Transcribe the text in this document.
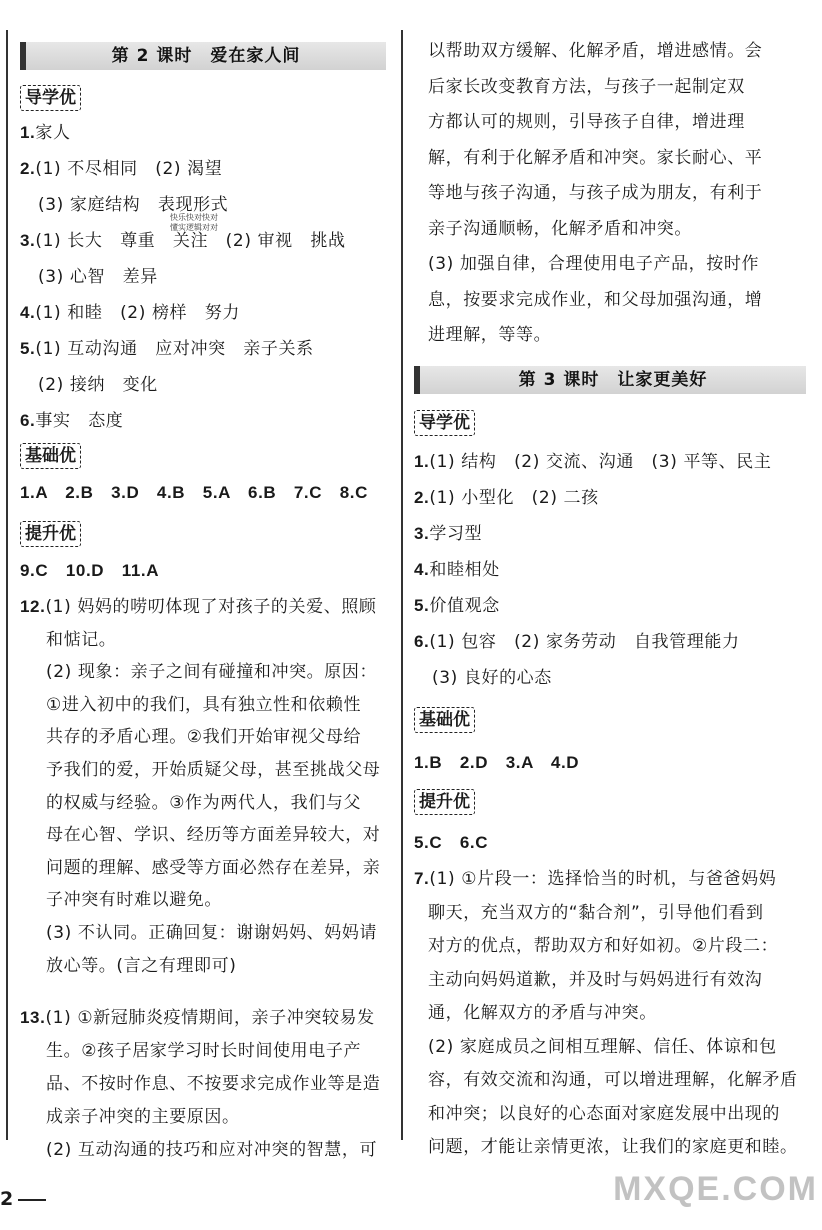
第 2 课时　爱在家人间
导学优
1.家人
2.(1) 不尽相同　(2) 渴望
(3) 家庭结构　表现形式
3.(1) 长大　尊重　关注　(2) 审视　挑战
(3) 心智　差异
4.(1) 和睦　(2) 榜样　努力
5.(1) 互动沟通　应对冲突　亲子关系
(2) 接纳　变化
6.事实　态度
快乐快对快对
懂实逻辑对对
基础优
1.A　2.B　3.D　4.B　5.A　6.B　7.C　8.C
提升优
9.C　10.D　11.A
12.(1) 妈妈的唠叨体现了对孩子的关爱、照顾
和惦记。
(2) 现象：亲子之间有碰撞和冲突。原因：
①进入初中的我们，具有独立性和依赖性
共存的矛盾心理。②我们开始审视父母给
予我们的爱，开始质疑父母，甚至挑战父母
的权威与经验。③作为两代人，我们与父
母在心智、学识、经历等方面差异较大，对
问题的理解、感受等方面必然存在差异，亲
子冲突有时难以避免。
(3) 不认同。正确回复：谢谢妈妈、妈妈请
放心等。(言之有理即可)
13.(1) ①新冠肺炎疫情期间，亲子冲突较易发
生。②孩子居家学习时长时间使用电子产
品、不按时作息、不按要求完成作业等是造
成亲子冲突的主要原因。
(2) 互动沟通的技巧和应对冲突的智慧，可
2
以帮助双方缓解、化解矛盾，增进感情。会
后家长改变教育方法，与孩子一起制定双
方都认可的规则，引导孩子自律，增进理
解，有利于化解矛盾和冲突。家长耐心、平
等地与孩子沟通，与孩子成为朋友，有利于
亲子沟通顺畅，化解矛盾和冲突。
(3) 加强自律，合理使用电子产品，按时作
息，按要求完成作业，和父母加强沟通，增
进理解，等等。
第 3 课时　让家更美好
导学优
1.(1) 结构　(2) 交流、沟通　(3) 平等、民主
2.(1) 小型化　(2) 二孩
3.学习型
4.和睦相处
5.价值观念
6.(1) 包容　(2) 家务劳动　自我管理能力
(3) 良好的心态
基础优
1.B　2.D　3.A　4.D
提升优
5.C　6.C
7.(1) ①片段一：选择恰当的时机，与爸爸妈妈
聊天，充当双方的“黏合剂”，引导他们看到
对方的优点，帮助双方和好如初。②片段二：
主动向妈妈道歉，并及时与妈妈进行有效沟
通，化解双方的矛盾与冲突。
(2) 家庭成员之间相互理解、信任、体谅和包
容，有效交流和沟通，可以增进理解，化解矛盾
和冲突；以良好的心态面对家庭发展中出现的
问题，才能让亲情更浓，让我们的家庭更和睦。
MXQE.COM
